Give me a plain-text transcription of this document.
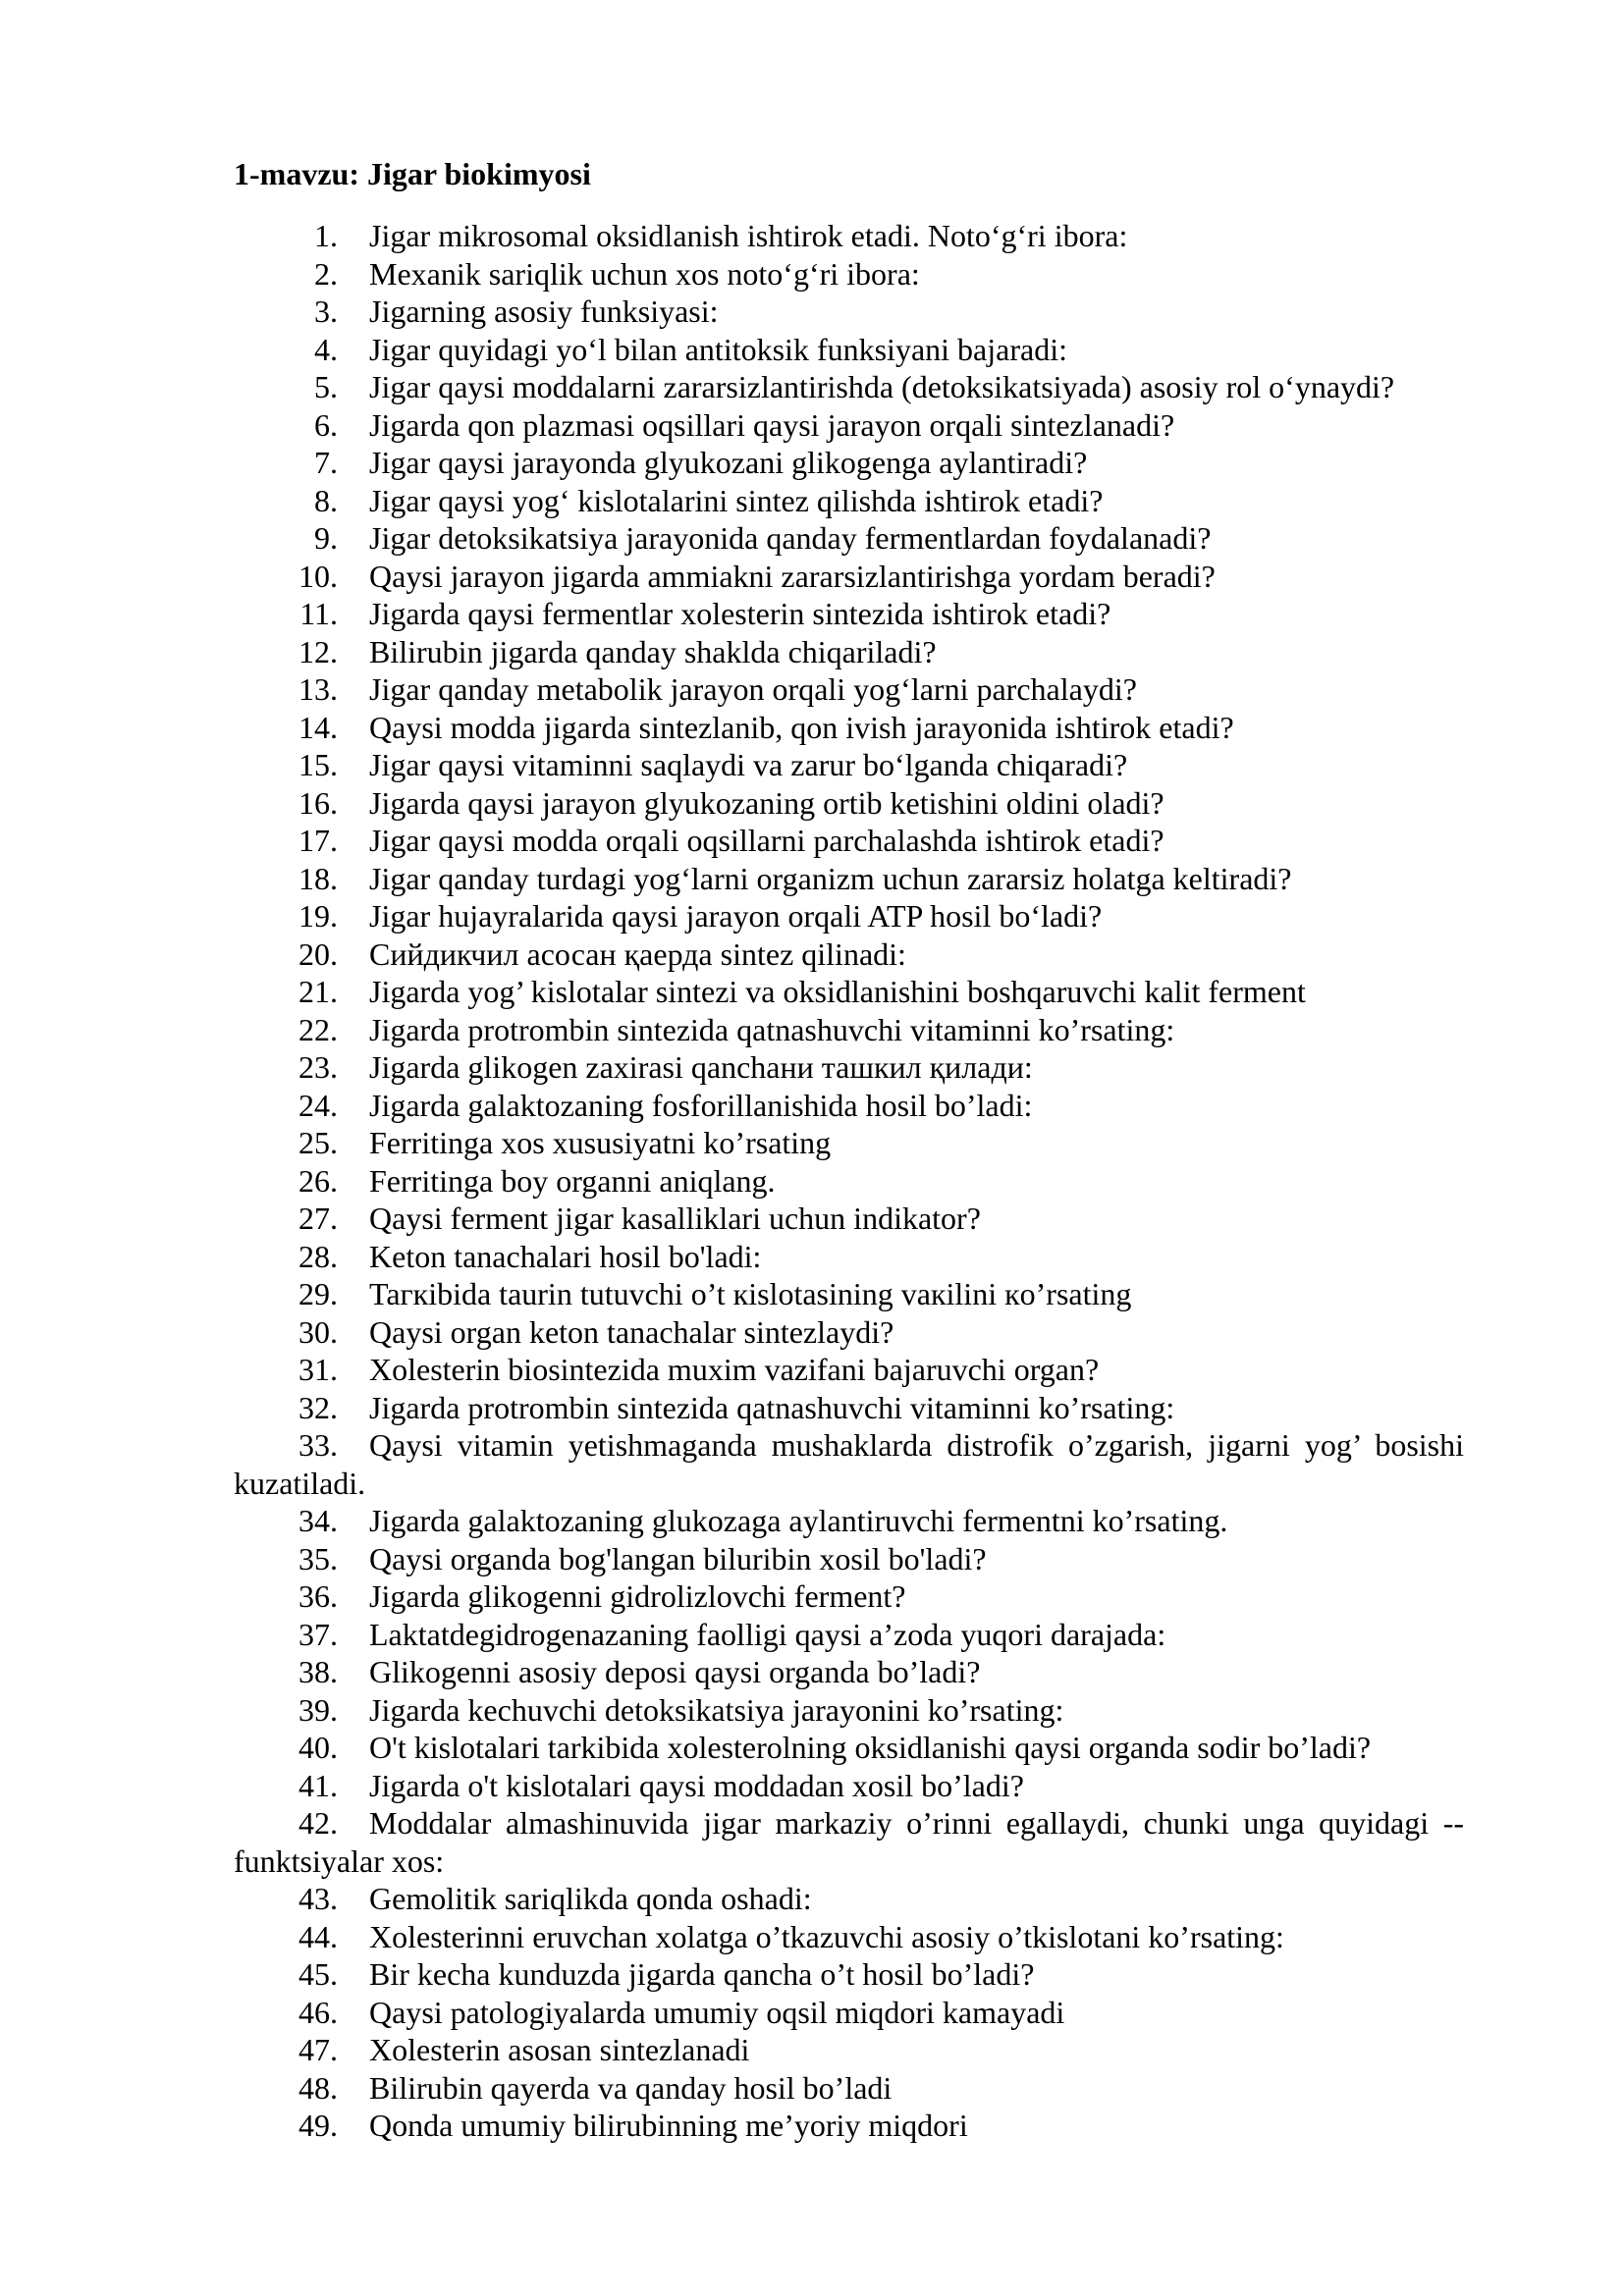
1-mavzu: Jigar biokimyosi
1. Jigar mikrosomal oksidlanish ishtirok etadi. Noto‘g‘ri ibora:
2. Mexanik sariqlik uchun xos noto‘g‘ri ibora:
3. Jigarning asosiy funksiyasi:
4. Jigar quyidagi yo‘l bilan antitoksik funksiyani bajaradi:
5. Jigar qaysi moddalarni zararsizlantirishda (detoksikatsiyada) asosiy rol o‘ynaydi?
6. Jigarda qon plazmasi oqsillari qaysi jarayon orqali sintezlanadi?
7. Jigar qaysi jarayonda glyukozani glikogenga aylantiradi?
8. Jigar qaysi yog‘ kislotalarini sintez qilishda ishtirok etadi?
9. Jigar detoksikatsiya jarayonida qanday fermentlardan foydalanadi?
10. Qaysi jarayon jigarda ammiakni zararsizlantirishga yordam beradi?
11. Jigarda qaysi fermentlar xolesterin sintezida ishtirok etadi?
12. Bilirubin jigarda qanday shaklda chiqariladi?
13. Jigar qanday metabolik jarayon orqali yog‘larni parchalaydi?
14. Qaysi modda jigarda sintezlanib, qon ivish jarayonida ishtirok etadi?
15. Jigar qaysi vitaminni saqlaydi va zarur bo‘lganda chiqaradi?
16. Jigarda qaysi jarayon glyukozaning ortib ketishini oldini oladi?
17. Jigar qaysi modda orqali oqsillarni parchalashda ishtirok etadi?
18. Jigar qanday turdagi yog‘larni organizm uchun zararsiz holatga keltiradi?
19. Jigar hujayralarida qaysi jarayon orqali ATP hosil bo‘ladi?
20. Сийдикчил асосан қаерда sintez qilinadi:
21. Jigarda yog’ kislotalar sintezi va oksidlanishini boshqaruvchi kalit ferment
22. Jigarda protrombin sintezida qatnashuvchi vitaminni ko’rsating:
23. Jigarda glikogen zaxirasi qanchани ташкил қилади:
24. Jigarda galaktozaning fosforillanishida hosil bo’ladi:
25. Ferritinga xos xususiyatni ko’rsating
26. Ferritinga boy organni aniqlang.
27. Qaysi ferment jigar kasalliklari uchun indikator?
28. Keton tanachalari hosil bo'ladi:
29. Taгкibida taurin tutuvchi o’t кislotasining vaкilini кo’rsating
30. Qaysi organ keton tanachalar sintezlaydi?
31. Xolesterin biosintezida muxim vazifani bajaruvchi organ?
32. Jigarda protrombin sintezida qatnashuvchi vitaminni ko’rsating:
33. Qaysi vitamin yetishmaganda mushaklarda distrofik o’zgarish, jigarni yog’ bosishi
kuzatiladi.
34. Jigarda galaktozaning glukozaga aylantiruvchi fermentni ko’rsating.
35. Qaysi organda bog'langan biluribin xosil bo'ladi?
36. Jigarda glikogenni gidrolizlovchi ferment?
37. Laktatdegidrogenazaning faolligi qaysi a’zoda yuqori darajada:
38. Glikogenni asosiy deposi qaysi organda bo’ladi?
39. Jigarda kechuvchi detoksikatsiya jarayonini ko’rsating:
40. O't kislotalari tarkibida xolesterolning oksidlanishi qaysi organda sodir bo’ladi?
41. Jigarda o't kislotalari qaysi moddadan xosil bo’ladi?
42. Moddalar almashinuvida jigar markaziy o’rinni egallaydi, chunki unga quyidagi --
funktsiyalar xos:
43. Gemolitik sariqlikda qonda oshadi:
44. Xolesterinni eruvchan xolatga o’tkazuvchi asosiy o’tkislotani ko’rsating:
45. Bir kecha kunduzda jigarda qancha o’t hosil bo’ladi?
46. Qaysi patologiyalarda umumiy oqsil miqdori kamayadi
47. Xolesterin asosan sintezlanadi
48. Bilirubin qayerda va qanday hosil bo’ladi
49. Qonda umumiy bilirubinning me’yoriy miqdori
